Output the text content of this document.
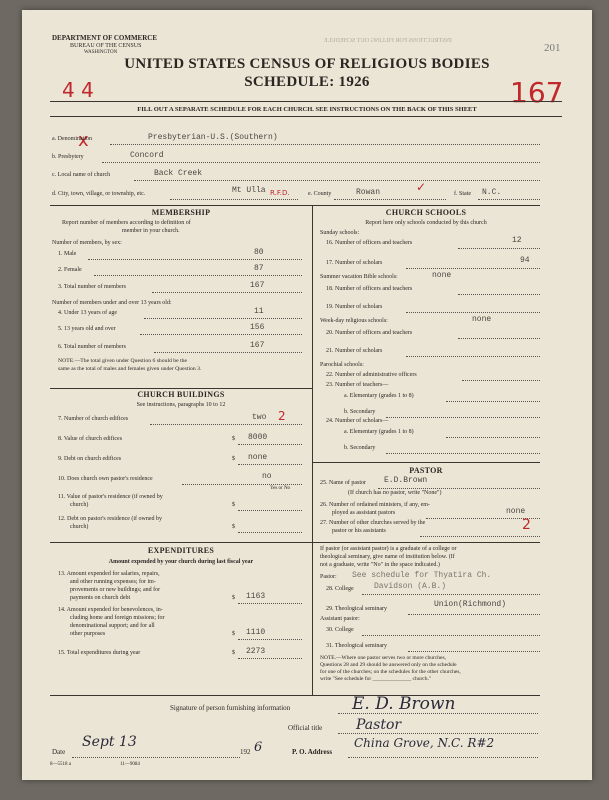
DEPARTMENT OF COMMERCE
BUREAU OF THE CENSUS
WASHINGTON
INSTRUCTIONS FOR FILLING OUT SCHEDULE
201
UNITED STATES CENSUS OF RELIGIOUS BODIES
SCHEDULE: 1926
4 4	167
x
FILL OUT A SEPARATE SCHEDULE FOR EACH CHURCH. SEE INSTRUCTIONS ON THE BACK OF THIS SHEET
a. Denomination	Presbyterian-U.S.(Southern)
b. Presbytery	Concord
c. Local name of church	Back Creek
d. City, town, village, or township, etc.	Mt Ulla R.F.D.	e. County	Rowan	✓	f. State N.C.
MEMBERSHIP
Report number of members according to definition of
member in your church.
Number of members, by sex:
1. Male	80
2. Female	87
3. Total number of members	167
Number of members under and over 13 years old:
4. Under 13 years of age	11
5. 13 years old and over	156
6. Total number of members	167
NOTE.—The total given under Question 6 should be the
same as the total of males and females given under Question 3.
CHURCH BUILDINGS
See instructions, paragraphs 10 to 12
7. Number of church edifices	two 2
8. Value of church edifices	$ 8000
9. Debt on church edifices	$ none
10. Does church own pastor's residence	no
Yes or No
11. Value of pastor's residence (if owned by
church)	$
12. Debt on pastor's residence (if owned by
church)	$
EXPENDITURES
Amount expended by your church during last fiscal year
13. Amount expended for salaries, repairs,
and other running expenses; for im-
provements or new buildings; and for
payments on church debt	$ 1163
14. Amount expended for benevolences, in-
cluding home and foreign missions; for
denominational support; and for all
other purposes	$ 1110
15. Total expenditures during year	$ 2273
CHURCH SCHOOLS
Report here only schools conducted by this church
Sunday schools:
16. Number of officers and teachers	12
17. Number of scholars	94
Summer vacation Bible schools:	none
18. Number of officers and teachers
19. Number of scholars
Week-day religious schools:	none
20. Number of officers and teachers
21. Number of scholars
Parochial schools:
22. Number of administrative officers
23. Number of teachers—
a. Elementary (grades 1 to 8)
b. Secondary
24. Number of scholars—
a. Elementary (grades 1 to 8)
b. Secondary
PASTOR
25. Name of pastor E.D.Brown
(If church has no pastor, write "None")
26. Number of ordained ministers, if any, em-
ployed as assistant pastors	none
27. Number of other churches served by the
pastor or his assistants	2
If pastor (or assistant pastor) is a graduate of a college or
theological seminary, give name of institution below. (If
not a graduate, write "No" in the space indicated.)
Pastor: See schedule for Thyatira Ch.
28. College	Davidson (A.B.)
29. Theological seminary	Union(Richmond)
Assistant pastor:
30. College
31. Theological seminary
NOTE.—Where one pastor serves two or more churches,
Questions 28 and 29 should be answered only on the schedule
for one of the churches; on the schedules for the other churches,
write "See schedule for ______________ church."
Signature of person furnishing information	E. D. Brown
Official title Pastor
Date
Sept 13
192 6	P. O. Address
China Grove, N.C. R#2
8—5518 a	11—9084
